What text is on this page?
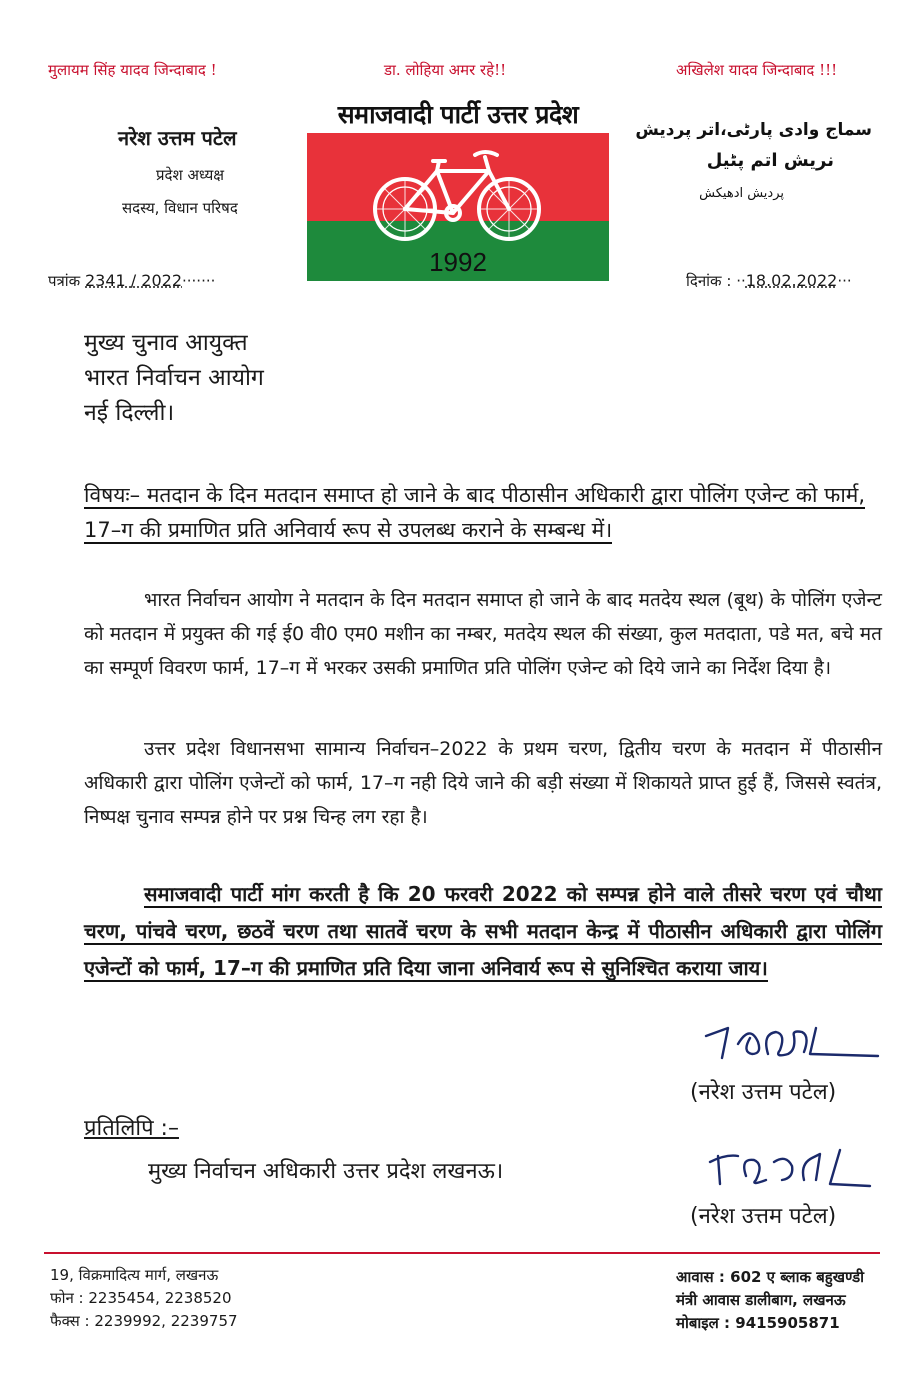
मुलायम सिंह यादव जिन्दाबाद !	डा. लोहिया अमर रहे!!	अखिलेश यादव जिन्दाबाद !!!
नरेश उत्तम पटेल
प्रदेश अध्यक्ष
सदस्य, विधान परिषद
समाजवादी पार्टी उत्तर प्रदेश
1992
سماج وادی پارٹی،اتر پردیش
نریش اتم پٹیل
پردیش ادھیکش
पत्रांक 2341 / 2022·······	दिनांक : ··18.02.2022···
मुख्य चुनाव आयुक्त
भारत निर्वाचन आयोग
नई दिल्ली।
विषयः– मतदान के दिन मतदान समाप्त हो जाने के बाद पीठासीन अधिकारी द्वारा पोलिंग एजेन्ट को फार्म, 17–ग की प्रमाणित प्रति अनिवार्य रूप से उपलब्ध कराने के सम्बन्ध में।
भारत निर्वाचन आयोग ने मतदान के दिन मतदान समाप्त हो जाने के बाद मतदेय स्थल (बूथ) के पोलिंग एजेन्ट को मतदान में प्रयुक्त की गई ई0 वी0 एम0 मशीन का नम्बर, मतदेय स्थल की संख्या, कुल मतदाता, पडे मत, बचे मत का सम्पूर्ण विवरण फार्म, 17–ग में भरकर उसकी प्रमाणित प्रति पोलिंग एजेन्ट को दिये जाने का निर्देश दिया है।
उत्तर प्रदेश विधानसभा सामान्य निर्वाचन–2022 के प्रथम चरण, द्वितीय चरण के मतदान में पीठासीन अधिकारी द्वारा पोलिंग एजेन्टों को फार्म, 17–ग नही दिये जाने की बड़ी संख्या में शिकायते प्राप्त हुई हैं, जिससे स्वतंत्र, निष्पक्ष चुनाव सम्पन्न होने पर प्रश्न चिन्ह लग रहा है।
समाजवादी पार्टी मांग करती है कि 20 फरवरी 2022 को सम्पन्न होने वाले तीसरे चरण एवं चौथा चरण, पांचवे चरण, छठवें चरण तथा सातवें चरण के सभी मतदान केन्द्र में पीठासीन अधिकारी द्वारा पोलिंग एजेन्टों को फार्म, 17–ग की प्रमाणित प्रति दिया जाना अनिवार्य रूप से सुनिश्चित कराया जाय।
(नरेश उत्तम पटेल)
प्रतिलिपि :–
मुख्य निर्वाचन अधिकारी उत्तर प्रदेश लखनऊ।
(नरेश उत्तम पटेल)
19, विक्रमादित्य मार्ग, लखनऊ
फोन : 2235454, 2238520
फैक्स : 2239992, 2239757
आवास : 602 ए ब्लाक बहुखण्डी
मंत्री आवास डालीबाग, लखनऊ
मोबाइल : 9415905871
